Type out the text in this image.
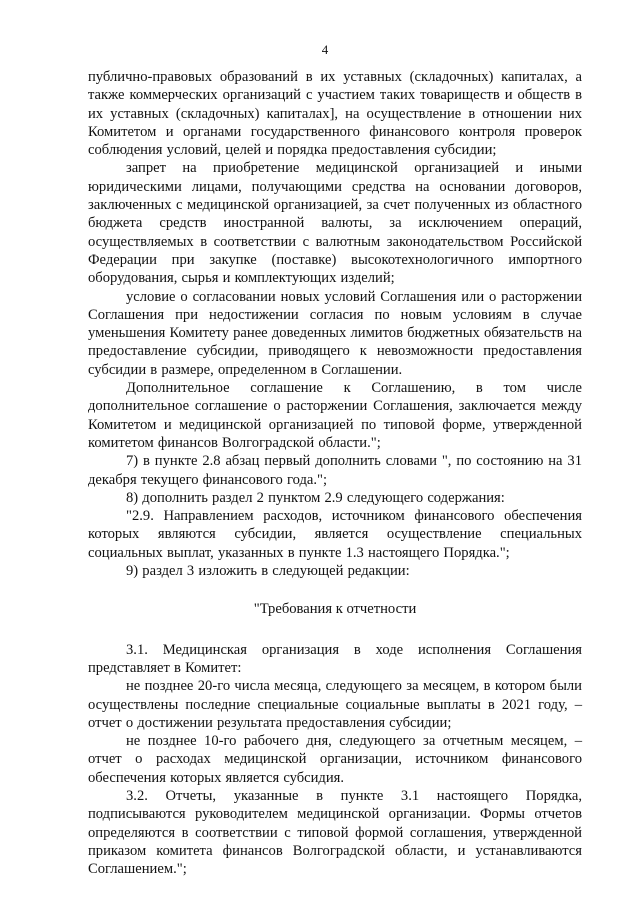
4

публично-правовых образований в их уставных (складочных) капиталах, а также коммерческих организаций с участием таких товариществ и обществ в их уставных (складочных) капиталах], на осуществление в отношении них Комитетом и органами государственного финансового контроля проверок соблюдения условий, целей и порядка предоставления субсидии;

запрет на приобретение медицинской организацией и иными юридическими лицами, получающими средства на основании договоров, заключенных с медицинской организацией, за счет полученных из областного бюджета средств иностранной валюты, за исключением операций, осуществляемых в соответствии с валютным законодательством Российской Федерации при закупке (поставке) высокотехнологичного импортного оборудования, сырья и комплектующих изделий;

условие о согласовании новых условий Соглашения или о расторжении Соглашения при недостижении согласия по новым условиям в случае уменьшения Комитету ранее доведенных лимитов бюджетных обязательств на предоставление субсидии, приводящего к невозможности предоставления субсидии в размере, определенном в Соглашении.

Дополнительное соглашение к Соглашению, в том числе дополнительное соглашение о расторжении Соглашения, заключается между Комитетом и медицинской организацией по типовой форме, утвержденной комитетом финансов Волгоградской области.";

7) в пункте 2.8 абзац первый дополнить словами ", по состоянию на 31 декабря текущего финансового года.";

8) дополнить раздел 2 пунктом 2.9 следующего содержания:

"2.9. Направлением расходов, источником финансового обеспечения которых являются субсидии, является осуществление специальных социальных выплат, указанных в пункте 1.3 настоящего Порядка.";

9) раздел 3 изложить в следующей редакции:

"Требования к отчетности

3.1. Медицинская организация в ходе исполнения Соглашения представляет в Комитет:

не позднее 20-го числа месяца, следующего за месяцем, в котором были осуществлены последние специальные социальные выплаты в 2021 году, – отчет о достижении результата предоставления субсидии;

не позднее 10-го рабочего дня, следующего за отчетным месяцем, – отчет о расходах медицинской организации, источником финансового обеспечения которых является субсидия.

3.2. Отчеты, указанные в пункте 3.1 настоящего Порядка, подписываются руководителем медицинской организации. Формы отчетов определяются в соответствии с типовой формой соглашения, утвержденной приказом комитета финансов Волгоградской области, и устанавливаются Соглашением.";
